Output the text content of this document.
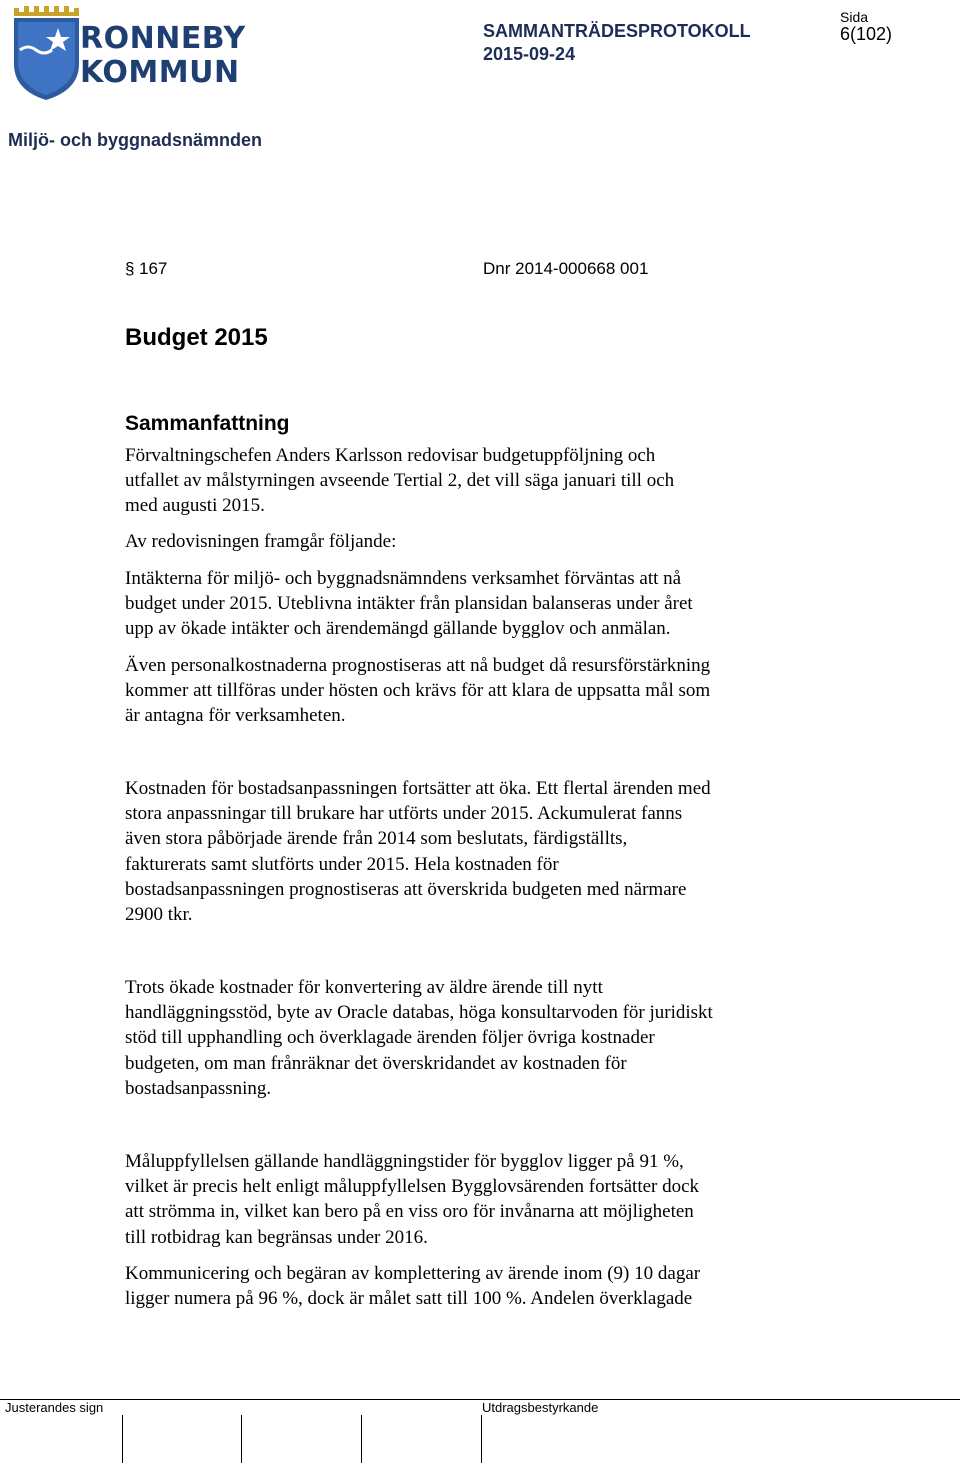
RONNEBY
KOMMUN
SAMMANTRÄDESPROTOKOLL
2015-09-24
Sida
6(102)
Miljö- och byggnadsnämnden
§ 167	Dnr 2014-000668 001
Budget 2015
Sammanfattning
Förvaltningschefen Anders Karlsson redovisar budgetuppföljning och
utfallet av målstyrningen avseende Tertial 2, det vill säga januari till och
med augusti 2015.
Av redovisningen framgår följande:
Intäkterna för miljö- och byggnadsnämndens verksamhet förväntas att nå
budget under 2015. Uteblivna intäkter från plansidan balanseras under året
upp av ökade intäkter och ärendemängd gällande bygglov och anmälan.
Även personalkostnaderna prognostiseras att nå budget då resursförstärkning
kommer att tillföras under hösten och krävs för att klara de uppsatta mål som
är antagna för verksamheten.
Kostnaden för bostadsanpassningen fortsätter att öka. Ett flertal ärenden med
stora anpassningar till brukare har utförts under 2015. Ackumulerat fanns
även stora påbörjade ärende från 2014 som beslutats, färdigställts,
fakturerats samt slutförts under 2015. Hela kostnaden för
bostadsanpassningen prognostiseras att överskrida budgeten med närmare
2900 tkr.
Trots ökade kostnader för konvertering av äldre ärende till nytt
handläggningsstöd, byte av Oracle databas, höga konsultarvoden för juridiskt
stöd till upphandling och överklagade ärenden följer övriga kostnader
budgeten, om man frånräknar det överskridandet av kostnaden för
bostadsanpassning.
Måluppfyllelsen gällande handläggningstider för bygglov ligger på 91 %,
vilket är precis helt enligt måluppfyllelsen Bygglovsärenden fortsätter dock
att strömma in, vilket kan bero på en viss oro för invånarna att möjligheten
till rotbidrag kan begränsas under 2016.
Kommunicering och begäran av komplettering av ärende inom (9) 10 dagar
ligger numera på 96 %, dock är målet satt till 100 %. Andelen överklagade
Justerandes sign	Utdragsbestyrkande
